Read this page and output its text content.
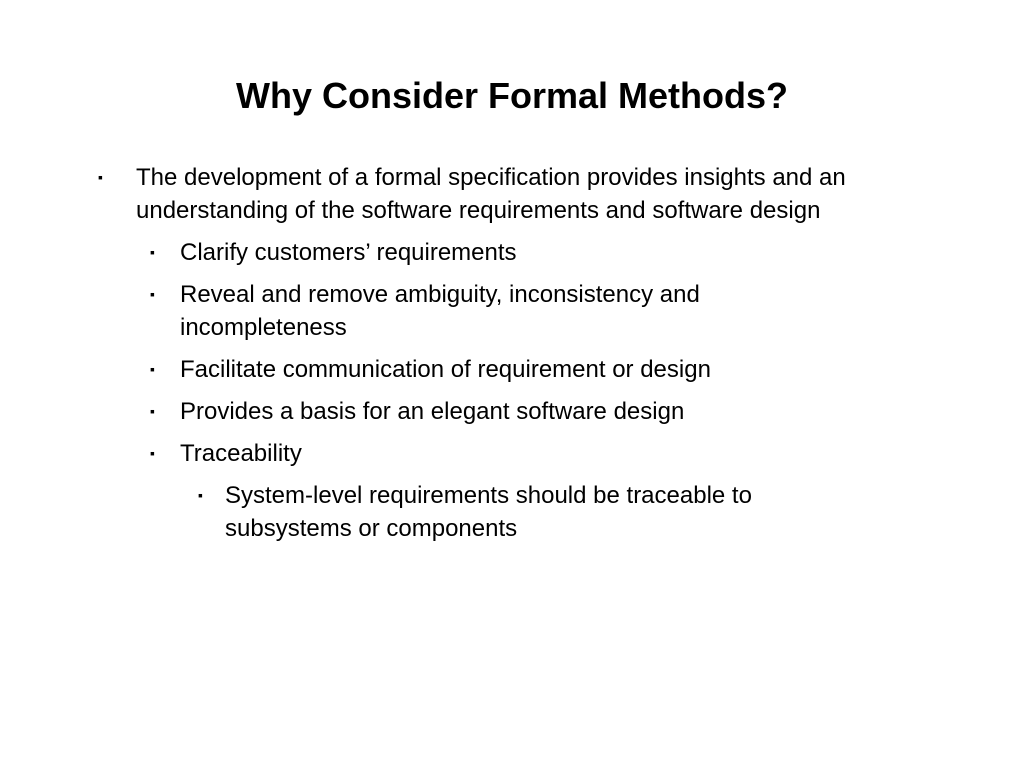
Why Consider Formal Methods?
▪ The development of a formal specification provides insights and an understanding of the software requirements and software design
▪ Clarify customers’ requirements
▪ Reveal and remove ambiguity, inconsistency and incompleteness
▪ Facilitate communication of requirement or design
▪ Provides a basis for an elegant software design
▪ Traceability
▪ System-level requirements should be traceable to subsystems or components
